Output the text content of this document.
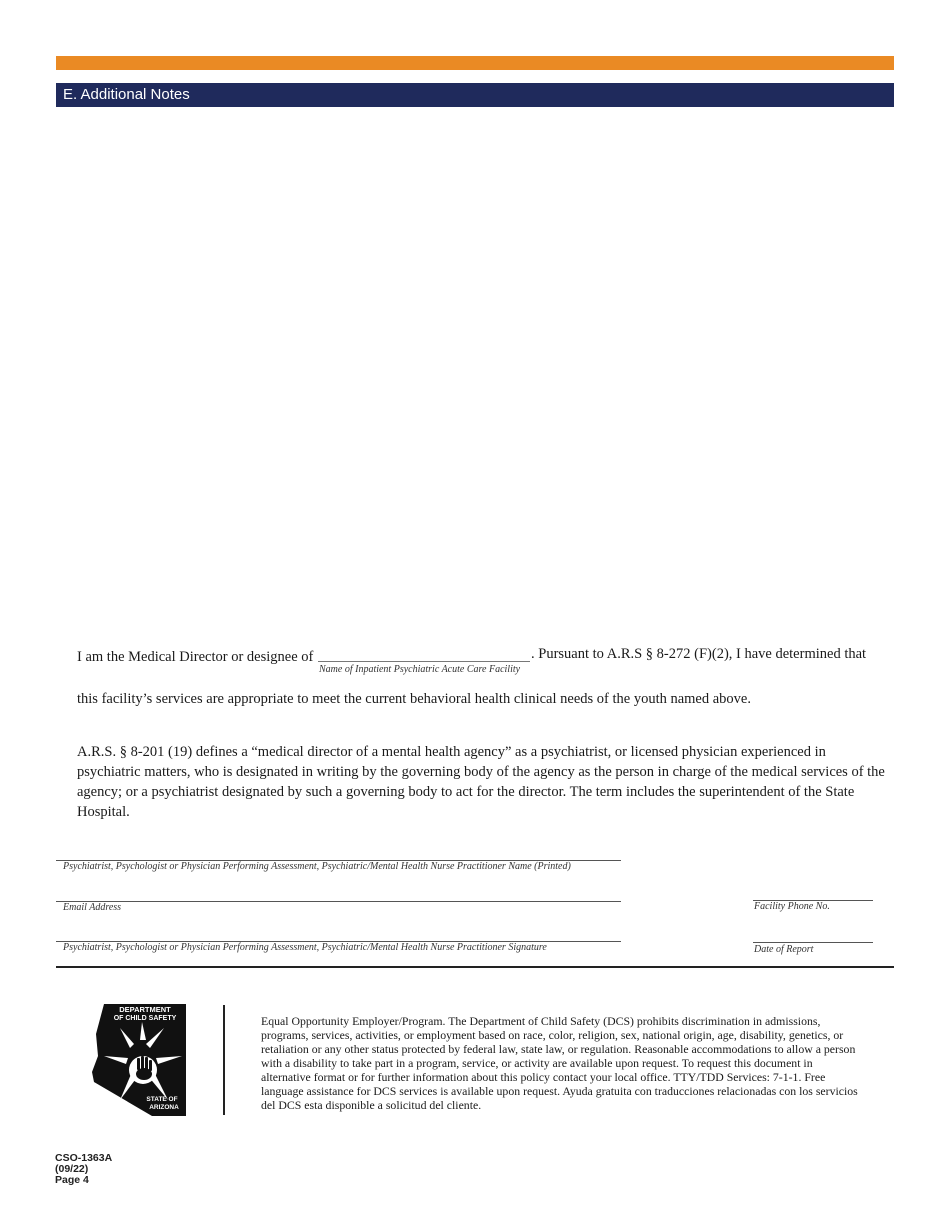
E. Additional Notes
I am the Medical Director or designee of
Name of Inpatient Psychiatric Acute Care Facility
. Pursuant to A.R.S § 8-272 (F)(2), I have determined that
this facility’s services are appropriate to meet the current behavioral health clinical needs of the youth named above.
A.R.S. § 8-201 (19) defines a “medical director of a mental health agency” as a psychiatrist, or licensed physician experienced in psychiatric matters, who is designated in writing by the governing body of the agency as the person in charge of the medical services of the agency; or a psychiatrist designated by such a governing body to act for the director. The term includes the superintendent of the State Hospital.
Psychiatrist, Psychologist or Physician Performing Assessment, Psychiatric/Mental Health Nurse Practitioner Name (Printed)
Email Address	Facility Phone No.
Psychiatrist, Psychologist or Physician Performing Assessment, Psychiatric/Mental Health Nurse Practitioner Signature	Date of Report
DEPARTMENT
OF CHILD SAFETY
STATE OF
ARIZONA
Equal Opportunity Employer/Program. The Department of Child Safety (DCS) prohibits discrimination in admissions, programs, services, activities, or employment based on race, color, religion, sex, national origin, age, disability, genetics, or retaliation or any other status protected by federal law, state law, or regulation. Reasonable accommodations to allow a person with a disability to take part in a program, service, or activity are available upon request. To request this document in alternative format or for further information about this policy contact your local office. TTY/TDD Services: 7-1-1. Free language assistance for DCS services is available upon request. Ayuda gratuita con traducciones relacionadas con los servicios del DCS esta disponible a solicitud del cliente.
CSO-1363A
(09/22)
Page 4
